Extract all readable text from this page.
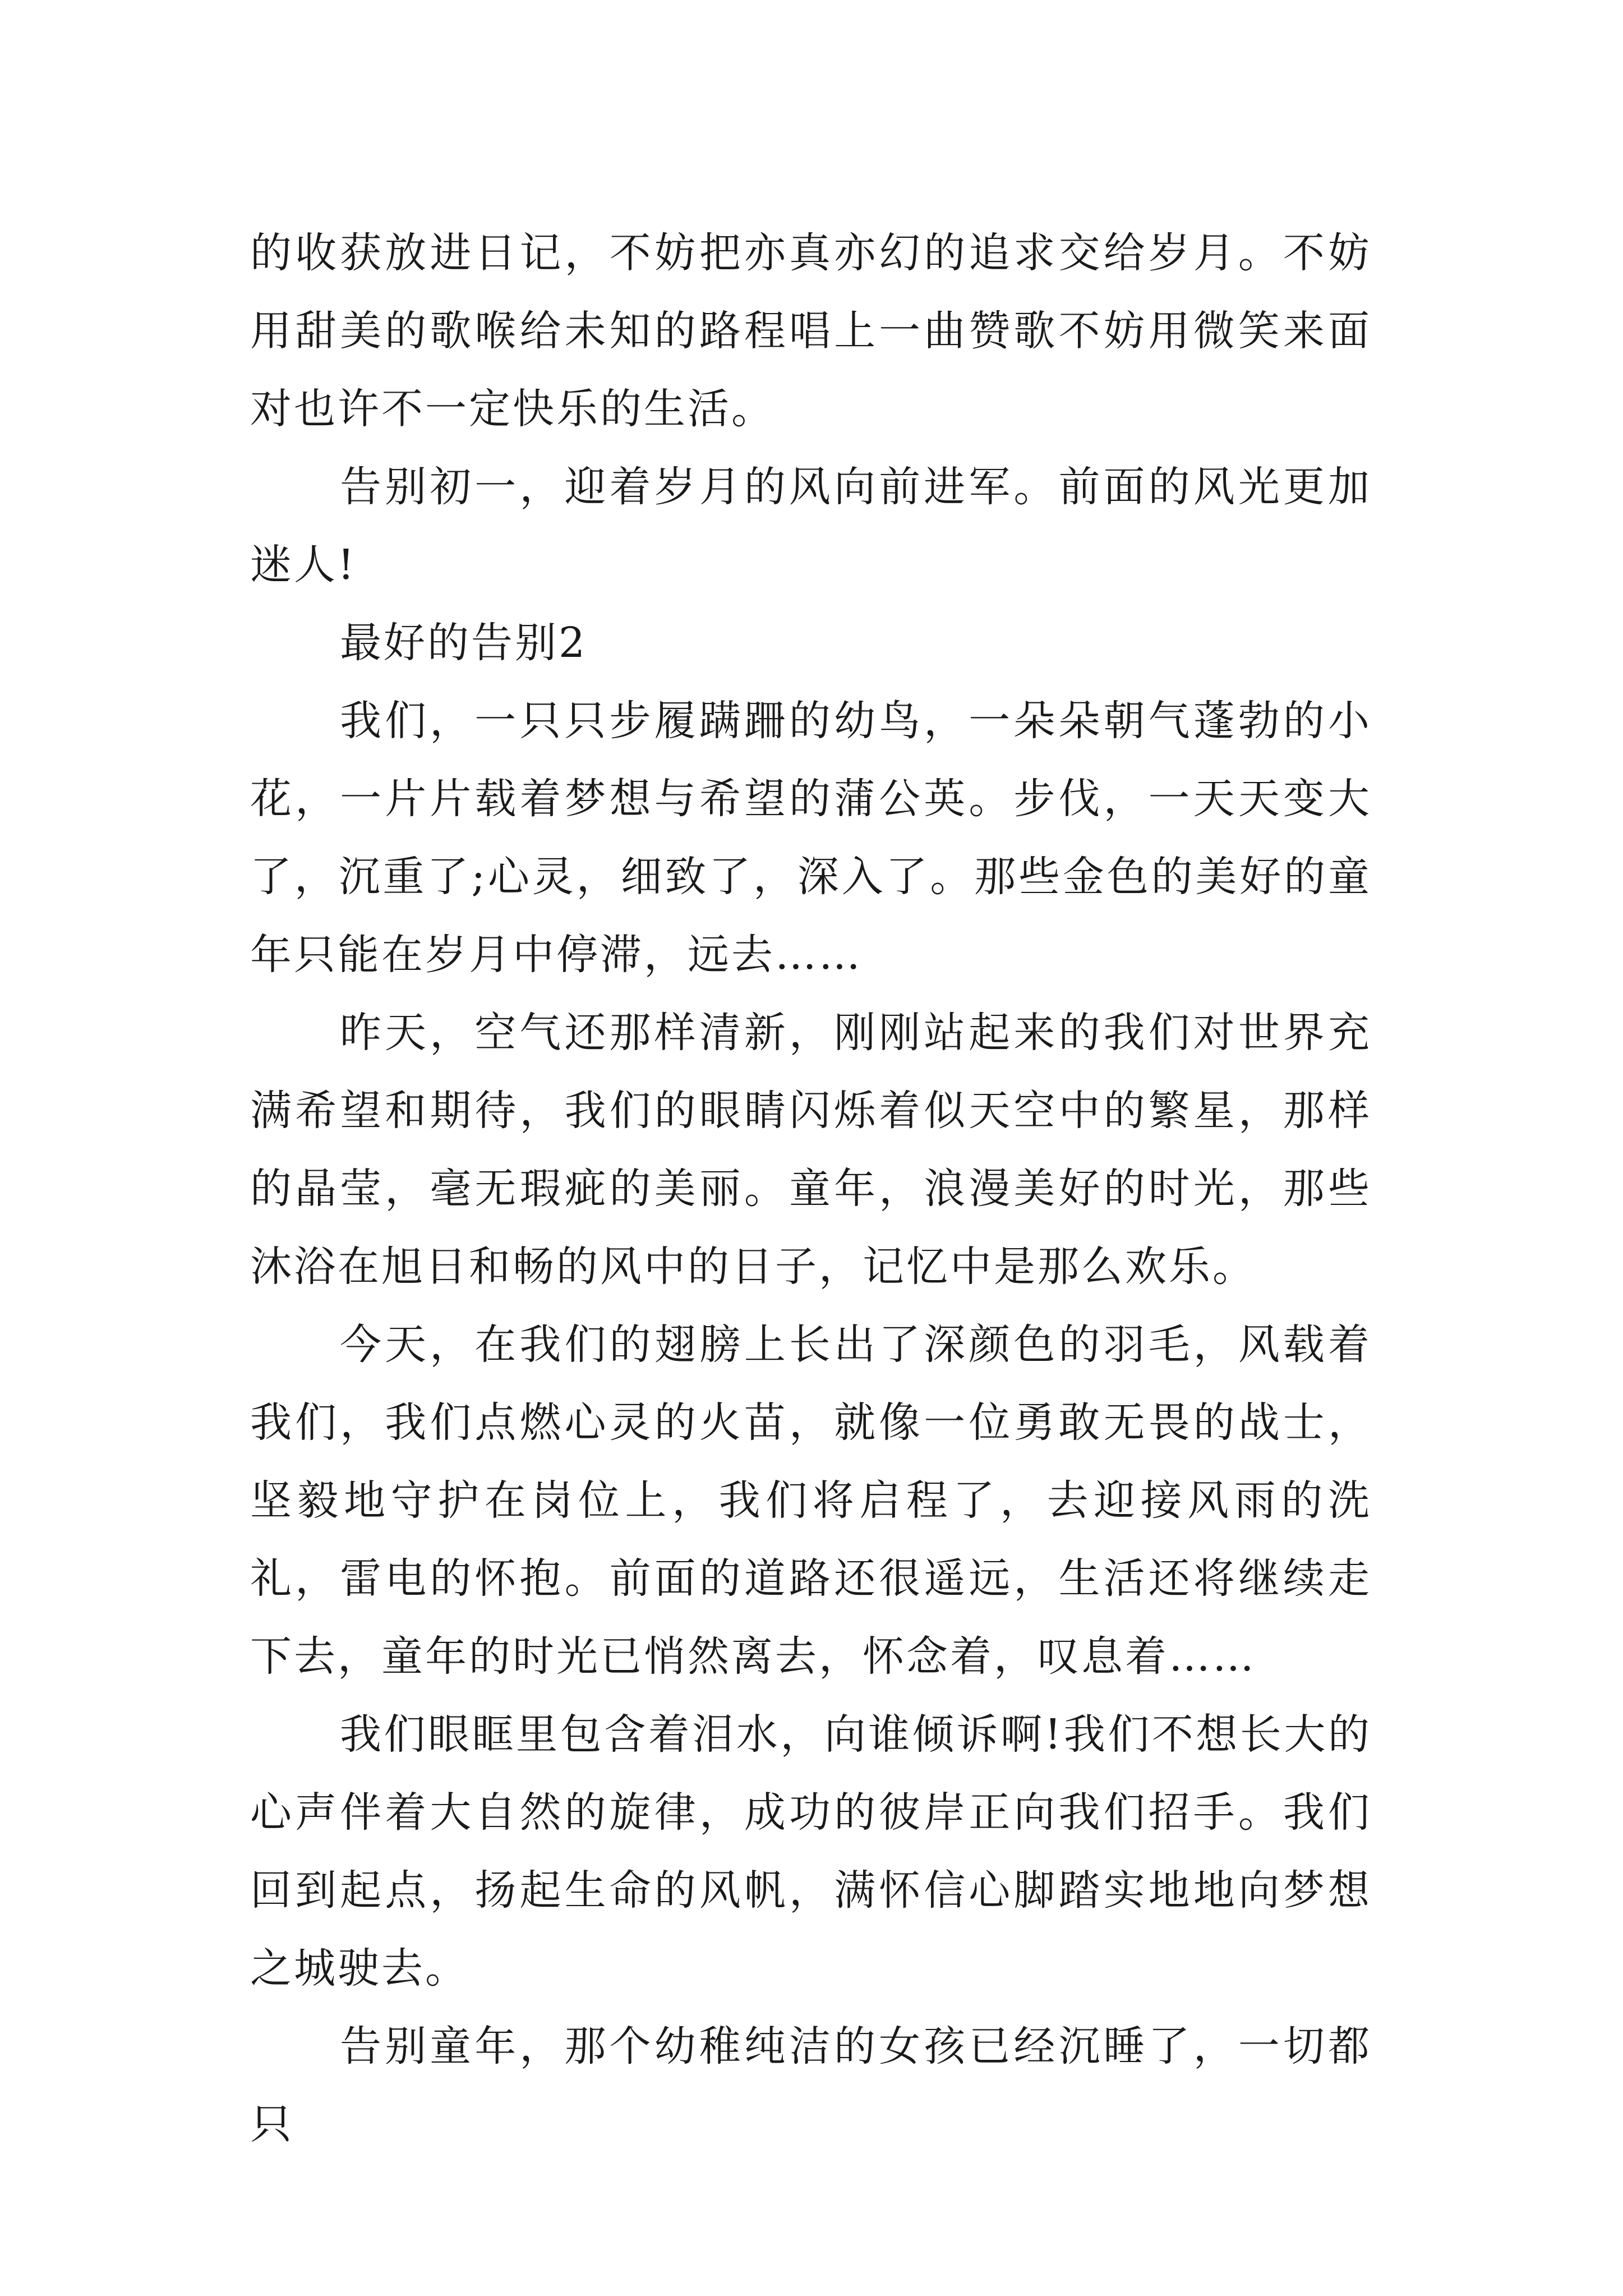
的收获放进日记，不妨把亦真亦幻的追求交给岁月。不妨用甜美的歌喉给未知的路程唱上一曲赞歌不妨用微笑来面对也许不一定快乐的生活。

告别初一，迎着岁月的风向前进军。前面的风光更加迷人!

最好的告别2

我们，一只只步履蹒跚的幼鸟，一朵朵朝气蓬勃的小花，一片片载着梦想与希望的蒲公英。步伐，一天天变大了，沉重了;心灵，细致了，深入了。那些金色的美好的童年只能在岁月中停滞，远去……

昨天，空气还那样清新，刚刚站起来的我们对世界充满希望和期待，我们的眼睛闪烁着似天空中的繁星，那样的晶莹，毫无瑕疵的美丽。童年，浪漫美好的时光，那些沐浴在旭日和畅的风中的日子，记忆中是那么欢乐。

今天，在我们的翅膀上长出了深颜色的羽毛，风载着我们，我们点燃心灵的火苗，就像一位勇敢无畏的战士，坚毅地守护在岗位上，我们将启程了，去迎接风雨的洗礼，雷电的怀抱。前面的道路还很遥远，生活还将继续走下去，童年的时光已悄然离去，怀念着，叹息着……

我们眼眶里包含着泪水，向谁倾诉啊!我们不想长大的心声伴着大自然的旋律，成功的彼岸正向我们招手。我们回到起点，扬起生命的风帆，满怀信心脚踏实地地向梦想之城驶去。

告别童年，那个幼稚纯洁的女孩已经沉睡了，一切都只
